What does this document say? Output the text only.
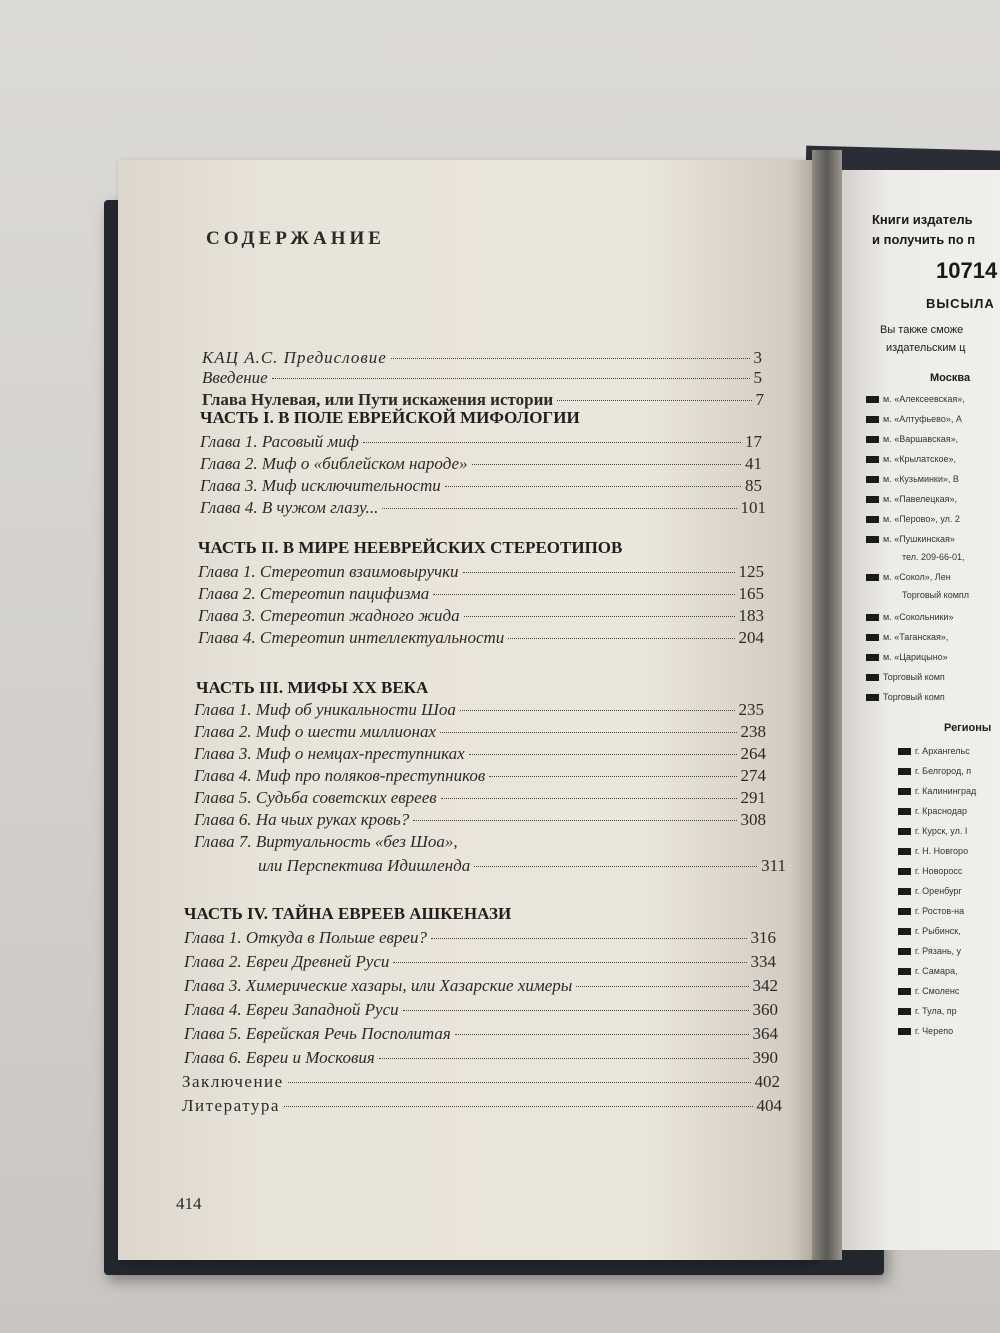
СОДЕРЖАНИЕ
КАЦ А.С. Предисловие	3
Введение	5
Глава Нулевая, или Пути искажения истории	7
ЧАСТЬ I. В ПОЛЕ ЕВРЕЙСКОЙ МИФОЛОГИИ
Глава 1. Расовый миф	17
Глава 2. Миф о «библейском народе»	41
Глава 3. Миф исключительности	85
Глава 4. В чужом глазу...	101
ЧАСТЬ II. В МИРЕ НЕЕВРЕЙСКИХ СТЕРЕОТИПОВ
Глава 1. Стереотип взаимовыручки	125
Глава 2. Стереотип пацифизма	165
Глава 3. Стереотип жадного жида	183
Глава 4. Стереотип интеллектуальности	204
ЧАСТЬ III. МИФЫ XX ВЕКА
Глава 1. Миф об уникальности Шоа	235
Глава 2. Миф о шести миллионах	238
Глава 3. Миф о немцах-преступниках	264
Глава 4. Миф про поляков-преступников	274
Глава 5. Судьба советских евреев	291
Глава 6. На чьих руках кровь?	308
Глава 7. Виртуальность «без Шоа»,
или Перспектива Идишленда	311
ЧАСТЬ IV. ТАЙНА ЕВРЕЕВ АШКЕНАЗИ
Глава 1. Откуда в Польше евреи?	316
Глава 2. Евреи Древней Руси	334
Глава 3. Химерические хазары, или Хазарские химеры	342
Глава 4. Евреи Западной Руси	360
Глава 5. Еврейская Речь Посполитая	364
Глава 6. Евреи и Московия	390
Заключение	402
Литература	404
414
Книги издатель
и получить по п
10714
ВЫСЫЛА
Вы также сможе
издательским ц
Москва
м. «Алексеевская»,
м. «Алтуфьево», А
м. «Варшавская»,
м. «Крылатское»,
м. «Кузьминки», В
м. «Павелецкая»,
м. «Перово», ул. 2
м. «Пушкинская»
тел. 209-66-01,
м. «Сокол», Лен
Торговый компл
м. «Сокольники»
м. «Таганская»,
м. «Царицыно»
Торговый комп
Торговый комп
Регионы
г. Архангельс
г. Белгород, п
г. Калининград
г. Краснодар
г. Курск, ул. I
г. Н. Новгоро
г. Новоросс
г. Оренбург
г. Ростов-на
г. Рыбинск,
г. Рязань, у
г. Самара,
г. Смоленс
г. Тула, пр
г. Черепо
